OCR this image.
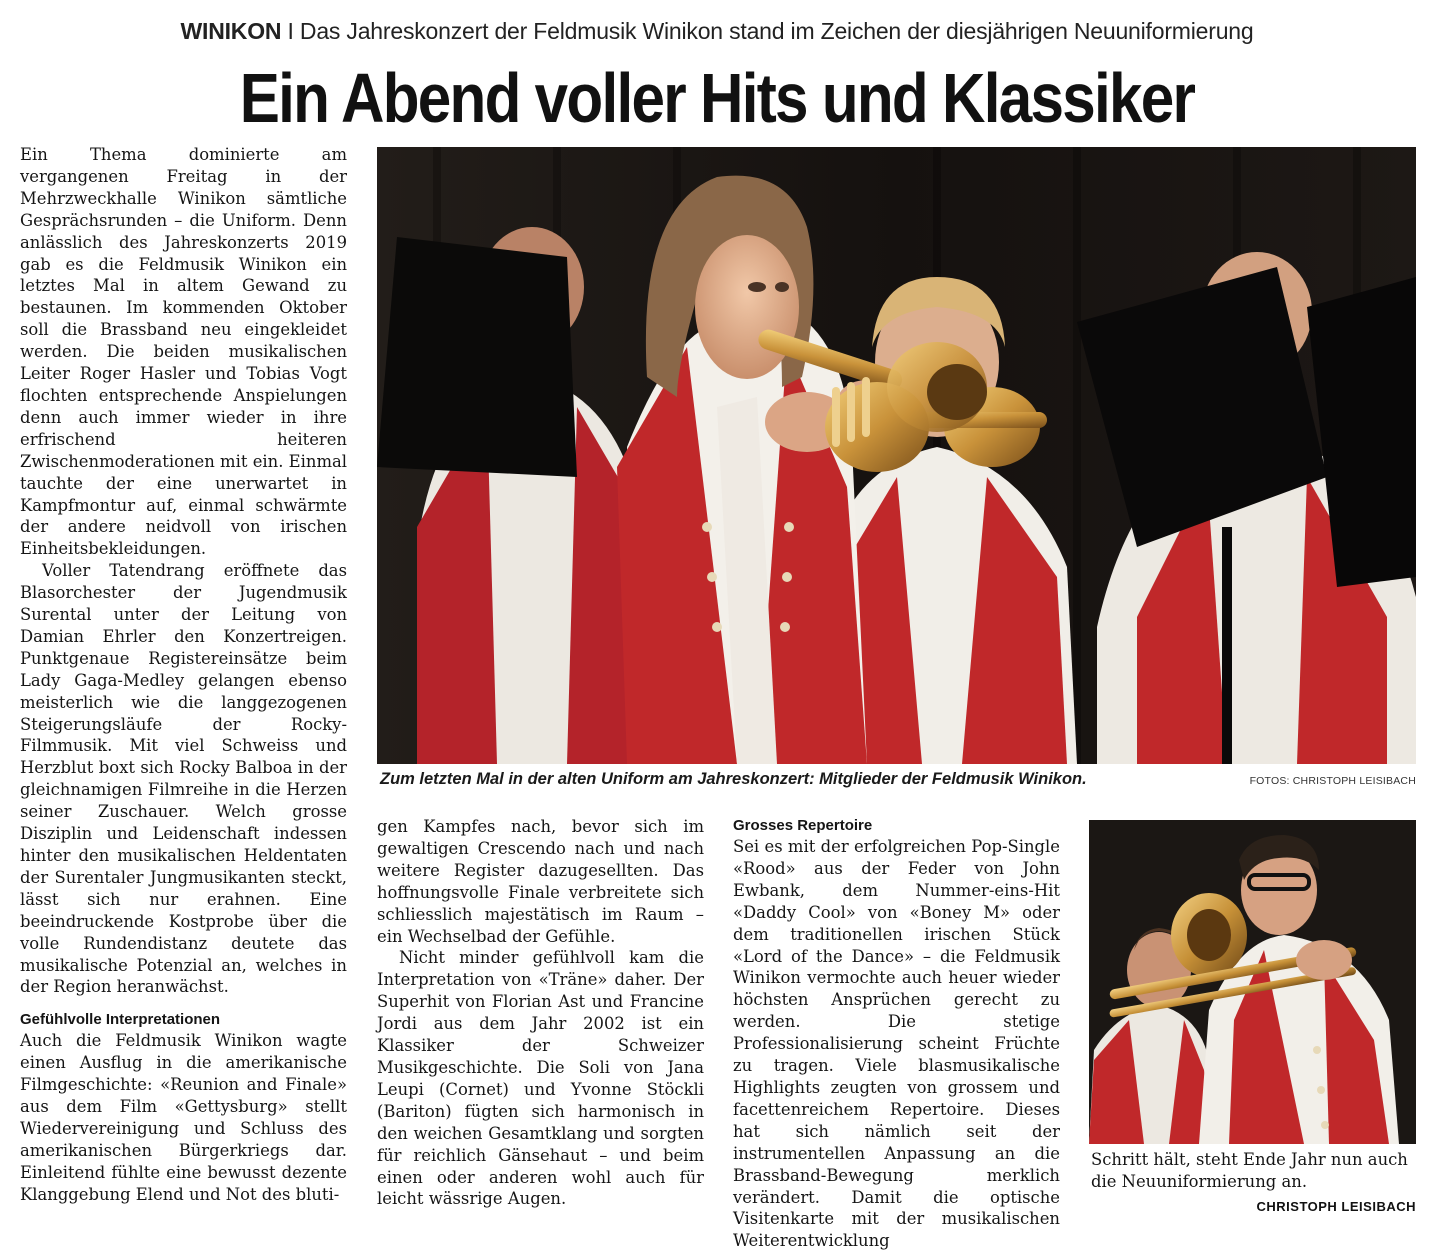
WINIKON I Das Jahreskonzert der Feldmusik Winikon stand im Zeichen der diesjährigen Neuuniformierung
Ein Abend voller Hits und Klassiker

Ein Thema dominierte am vergangenen Freitag in der Mehrzweckhalle Winikon sämtliche Gesprächsrunden – die Uniform. Denn anlässlich des Jahreskonzerts 2019 gab es die Feldmusik Winikon ein letztes Mal in altem Gewand zu bestaunen. Im kommenden Oktober soll die Brassband neu eingekleidet werden. Die beiden musikalischen Leiter Roger Hasler und Tobias Vogt flochten entsprechende Anspielungen denn auch immer wieder in ihre erfrischend heiteren Zwischenmoderationen mit ein. Einmal tauchte der eine unerwartet in Kampfmontur auf, einmal schwärmte der andere neidvoll von irischen Einheitsbekleidungen.

Voller Tatendrang eröffnete das Blasorchester der Jugendmusik Surental unter der Leitung von Damian Ehrler den Konzertreigen. Punktgenaue Registereinsätze beim Lady Gaga-Medley gelangen ebenso meisterlich wie die langgezogenen Steigerungsläufe der Rocky-Filmmusik. Mit viel Schweiss und Herzblut boxt sich Rocky Balboa in der gleichnamigen Filmreihe in die Herzen seiner Zuschauer. Welch grosse Disziplin und Leidenschaft indessen hinter den musikalischen Heldentaten der Surentaler Jungmusikanten steckt, lässt sich nur erahnen. Eine beeindruckende Kostprobe über die volle Rundendistanz deutete das musikalische Potenzial an, welches in der Region heranwächst.

Gefühlvolle Interpretationen

Auch die Feldmusik Winikon wagte einen Ausflug in die amerikanische Filmgeschichte: «Reunion and Finale» aus dem Film «Gettysburg» stellt Wiedervereinigung und Schluss des amerikanischen Bürgerkriegs dar. Einleitend fühlte eine bewusst dezente Klanggebung Elend und Not des bluti-

Zum letzten Mal in der alten Uniform am Jahreskonzert: Mitglieder der Feldmusik Winikon.	FOTOS: CHRISTOPH LEISIBACH

gen Kampfes nach, bevor sich im gewaltigen Crescendo nach und nach weitere Register dazugesellten. Das hoffnungsvolle Finale verbreitete sich schliesslich majestätisch im Raum – ein Wechselbad der Gefühle.

Nicht minder gefühlvoll kam die Interpretation von «Träne» daher. Der Superhit von Florian Ast und Francine Jordi aus dem Jahr 2002 ist ein Klassiker der Schweizer Musikgeschichte. Die Soli von Jana Leupi (Cornet) und Yvonne Stöckli (Bariton) fügten sich harmonisch in den weichen Gesamtklang und sorgten für reichlich Gänsehaut – und beim einen oder anderen wohl auch für leicht wässrige Augen.

Grosses Repertoire

Sei es mit der erfolgreichen Pop-Single «Rood» aus der Feder von John Ewbank, dem Nummer-eins-Hit «Daddy Cool» von «Boney M» oder dem traditionellen irischen Stück «Lord of the Dance» – die Feldmusik Winikon vermochte auch heuer wieder höchsten Ansprüchen gerecht zu werden. Die stetige Professionalisierung scheint Früchte zu tragen. Viele blasmusikalische Highlights zeugten von grossem und facettenreichem Repertoire. Dieses hat sich nämlich seit der instrumentellen Anpassung an die Brassband-Bewegung merklich verändert. Damit die optische Visitenkarte mit der musikalischen Weiterentwicklung

Schritt hält, steht Ende Jahr nun auch die Neuuniformierung an.
CHRISTOPH LEISIBACH
